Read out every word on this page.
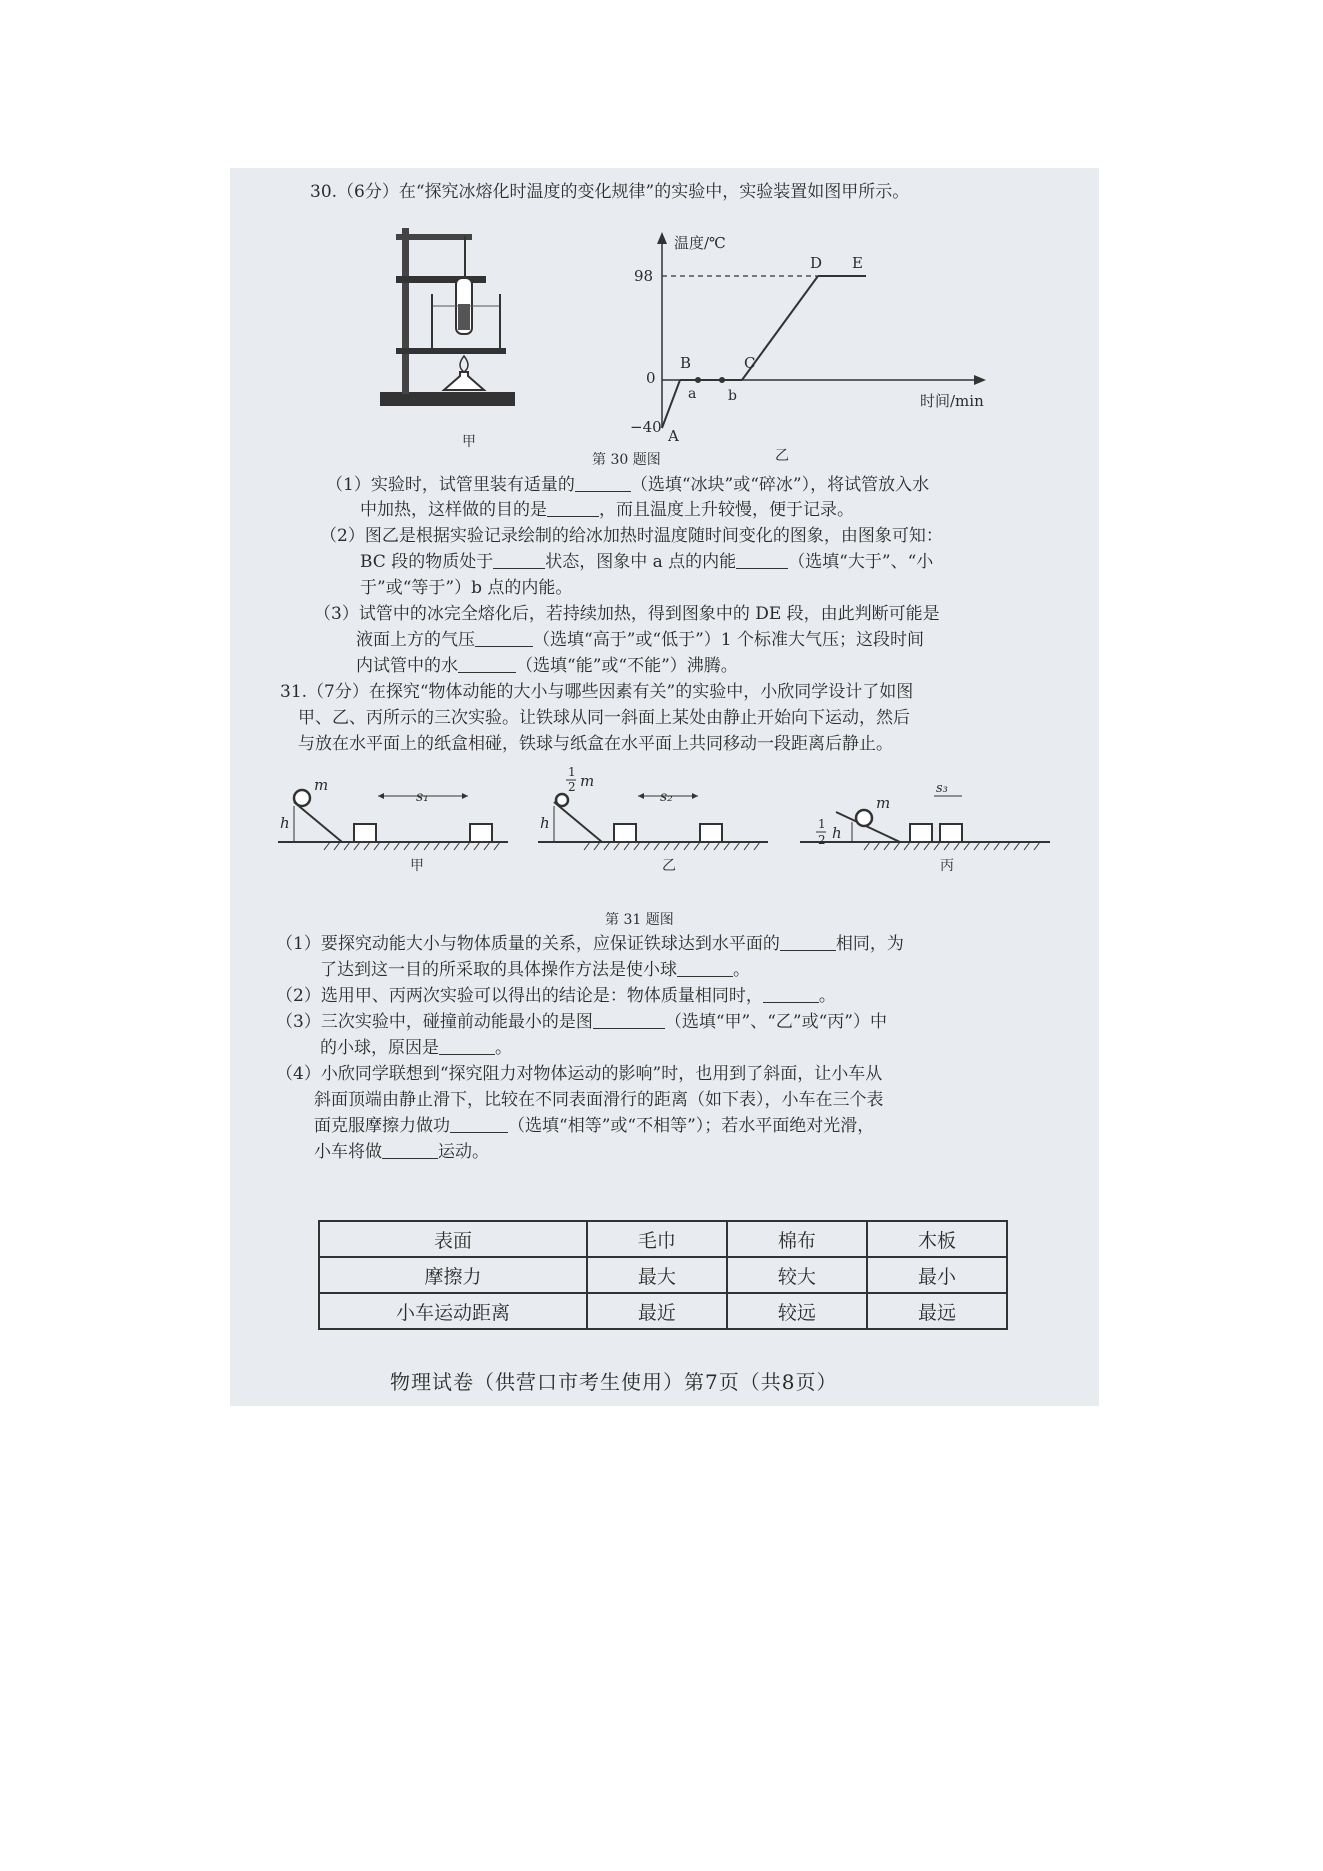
30.（6分）在“探究冰熔化时温度的变化规律”的实验中，实验装置如图甲所示。
甲
温度/℃
时间/min
98
0
−40 A
B	C
D E
a b
乙
第 30 题图
（1）实验时，试管里装有适量的	（选填“冰块”或“碎冰”），将试管放入水
中加热，这样做的目的是	，而且温度上升较慢，便于记录。
（2）图乙是根据实验记录绘制的给冰加热时温度随时间变化的图象，由图象可知：
BC 段的物质处于	状态，图象中 a 点的内能	（选填“大于”、“小
于”或“等于”）b 点的内能。
（3）试管中的冰完全熔化后，若持续加热，得到图象中的 DE 段，由此判断可能是
液面上方的气压	（选填“高于”或“低于”）1 个标准大气压；这段时间
内试管中的水	（选填“能”或“不能”）沸腾。
31.（7分）在探究“物体动能的大小与哪些因素有关”的实验中，小欣同学设计了如图
甲、乙、丙所示的三次实验。让铁球从同一斜面上某处由静止开始向下运动，然后
与放在水平面上的纸盒相碰，铁球与纸盒在水平面上共同移动一段距离后静止。
甲	乙	丙
m
1
2 m
m
h	h	1
2 h
s₁	s₂
s₃
第 31 题图
（1）要探究动能大小与物体质量的关系，应保证铁球达到水平面的	相同，为
了达到这一目的所采取的具体操作方法是使小球	。
（2）选用甲、丙两次实验可以得出的结论是：物体质量相同时，	。
（3）三次实验中，碰撞前动能最小的是图	（选填“甲”、“乙”或“丙”）中
的小球，原因是	。
（4）小欣同学联想到“探究阻力对物体运动的影响”时，也用到了斜面，让小车从
斜面顶端由静止滑下，比较在不同表面滑行的距离（如下表），小车在三个表
面克服摩擦力做功	（选填“相等”或“不相等”）；若水平面绝对光滑，
小车将做	运动。
表面	毛巾	棉布	木板
摩擦力	最大	较大	最小
小车运动距离	最近	较远	最远
物理试卷（供营口市考生使用）第7页（共8页）
